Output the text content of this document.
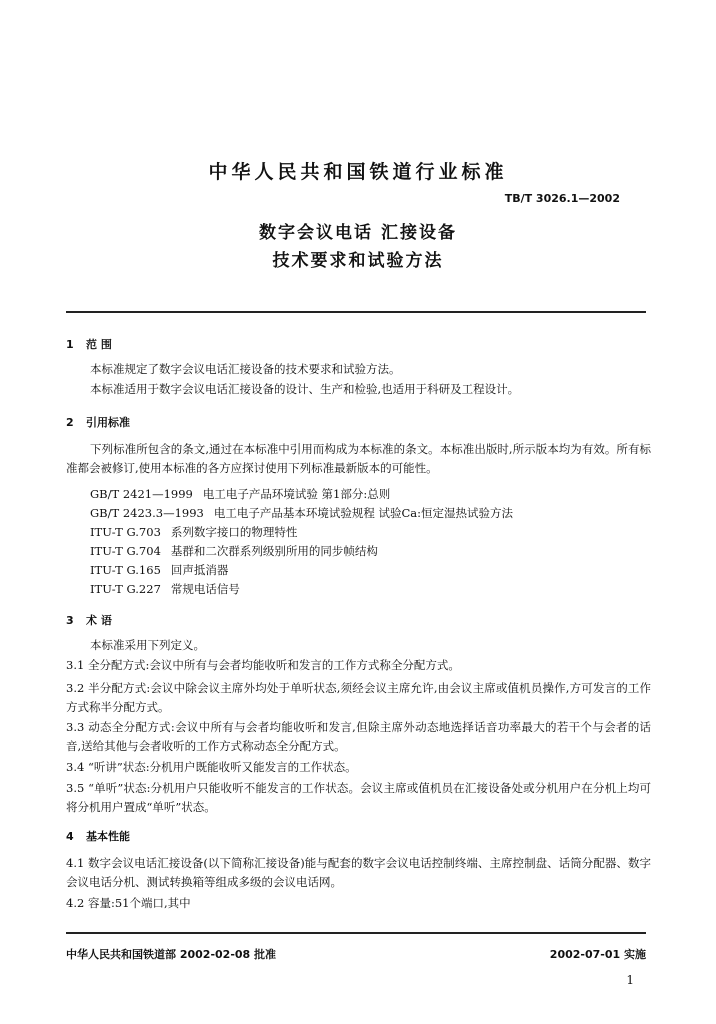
中华人民共和国铁道行业标准
TB/T 3026.1—2002
数字会议电话 汇接设备
技术要求和试验方法
1 范 围
本标准规定了数字会议电话汇接设备的技术要求和试验方法。
本标准适用于数字会议电话汇接设备的设计、生产和检验,也适用于科研及工程设计。
2 引用标准
下列标准所包含的条文,通过在本标准中引用而构成为本标准的条文。本标准出版时,所示版本均为有效。所有标准都会被修订,使用本标准的各方应探讨使用下列标准最新版本的可能性。
GB/T 2421—1999 电工电子产品环境试验 第1部分:总则
GB/T 2423.3—1993 电工电子产品基本环境试验规程 试验Ca:恒定湿热试验方法
ITU-T G.703 系列数字接口的物理特性
ITU-T G.704 基群和二次群系列级别所用的同步帧结构
ITU-T G.165 回声抵消器
ITU-T G.227 常规电话信号
3 术 语
本标准采用下列定义。
3.1 全分配方式:会议中所有与会者均能收听和发言的工作方式称全分配方式。
3.2 半分配方式:会议中除会议主席外均处于单听状态,须经会议主席允许,由会议主席或值机员操作,方可发言的工作方式称半分配方式。
3.3 动态全分配方式:会议中所有与会者均能收听和发言,但除主席外动态地选择话音功率最大的若干个与会者的话音,送给其他与会者收听的工作方式称动态全分配方式。
3.4 “听讲”状态:分机用户既能收听又能发言的工作状态。
3.5 “单听”状态:分机用户只能收听不能发言的工作状态。会议主席或值机员在汇接设备处或分机用户在分机上均可将分机用户置成“单听”状态。
4 基本性能
4.1 数字会议电话汇接设备(以下简称汇接设备)能与配套的数字会议电话控制终端、主席控制盘、话筒分配器、数字会议电话分机、测试转换箱等组成多级的会议电话网。
4.2 容量:51个端口,其中
中华人民共和国铁道部 2002-02-08 批准	2002-07-01 实施
1
